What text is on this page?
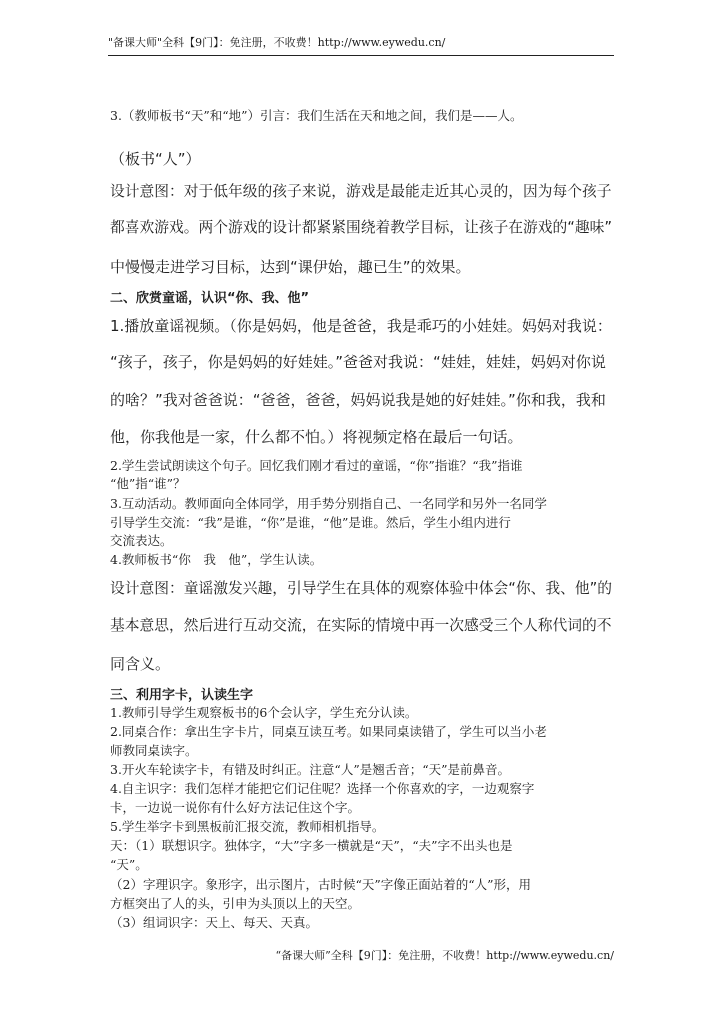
"备课大师"全科【9门】：免注册，不收费！http://www.eywedu.cn/
3.（教师板书“天”和“地”）引言：我们生活在天和地之间，我们是——人。
（板书“人”）
设计意图：对于低年级的孩子来说，游戏是最能走近其心灵的，因为每个孩子
都喜欢游戏。两个游戏的设计都紧紧围绕着教学目标，让孩子在游戏的“趣味”
中慢慢走进学习目标，达到“课伊始，趣已生”的效果。
二、欣赏童谣，认识“你、我、他”
1.播放童谣视频。（你是妈妈，他是爸爸，我是乖巧的小娃娃。妈妈对我说：
“孩子，孩子，你是妈妈的好娃娃。”爸爸对我说：“娃娃，娃娃，妈妈对你说
的啥？”我对爸爸说：“爸爸，爸爸，妈妈说我是她的好娃娃。”你和我，我和
他，你我他是一家，什么都不怕。）将视频定格在最后一句话。
2.学生尝试朗读这个句子。回忆我们刚才看过的童谣，“你”指谁？“我”指谁
“他”指“谁”？
3.互动活动。教师面向全体同学，用手势分别指自己、一名同学和另外一名同学
引导学生交流：“我”是谁，“你”是谁，“他”是谁。然后，学生小组内进行
交流表达。
4.教师板书“你　我　他”，学生认读。
设计意图：童谣激发兴趣，引导学生在具体的观察体验中体会“你、我、他”的
基本意思，然后进行互动交流，在实际的情境中再一次感受三个人称代词的不
同含义。
三、利用字卡，认读生字
1.教师引导学生观察板书的6个会认字，学生充分认读。
2.同桌合作：拿出生字卡片，同桌互读互考。如果同桌读错了，学生可以当小老
师教同桌读字。
3.开火车轮读字卡，有错及时纠正。注意“人”是翘舌音；“天”是前鼻音。
4.自主识字：我们怎样才能把它们记住呢？选择一个你喜欢的字，一边观察字
卡，一边说一说你有什么好方法记住这个字。
5.学生举字卡到黑板前汇报交流，教师相机指导。
天：（1）联想识字。独体字，“大”字多一横就是“天”，“夫”字不出头也是
“天”。
（2）字理识字。象形字，出示图片，古时候“天”字像正面站着的“人”形，用
方框突出了人的头，引申为头顶以上的天空。
（3）组词识字：天上、每天、天真。
“备课大师”全科【9门】：免注册，不收费！http://www.eywedu.cn/
